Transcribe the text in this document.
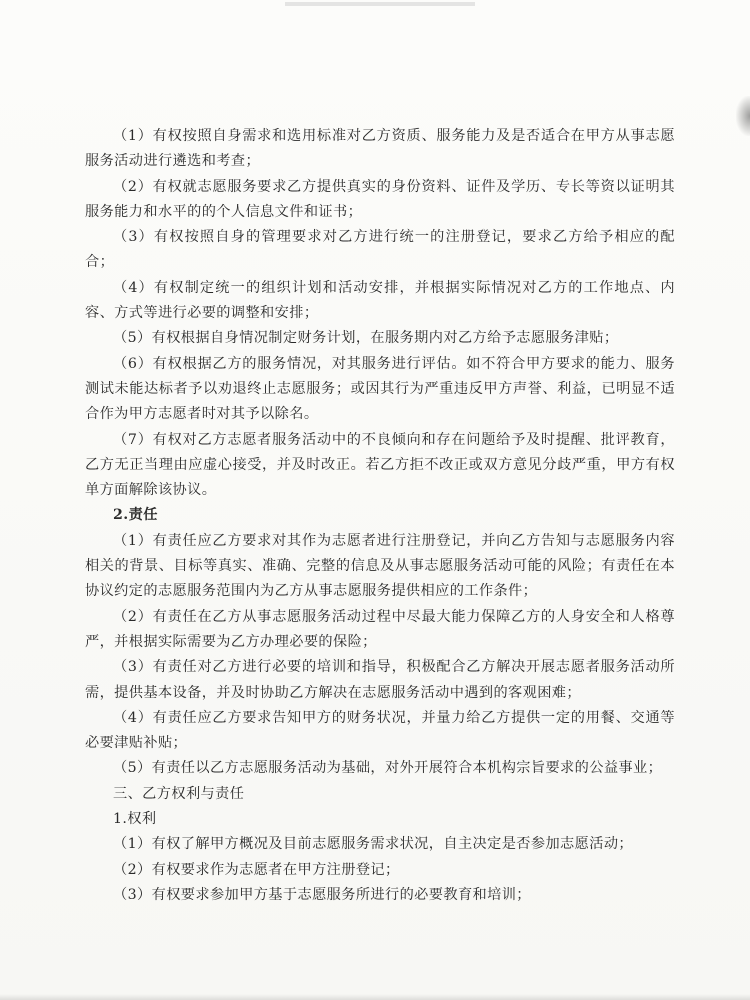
（1）有权按照自身需求和选用标准对乙方资质、服务能力及是否适合在甲方从事志愿服务活动进行遴选和考查；

（2）有权就志愿服务要求乙方提供真实的身份资料、证件及学历、专长等资以证明其服务能力和水平的的个人信息文件和证书；

（3）有权按照自身的管理要求对乙方进行统一的注册登记，要求乙方给予相应的配合；

（4）有权制定统一的组织计划和活动安排，并根据实际情况对乙方的工作地点、内容、方式等进行必要的调整和安排；

（5）有权根据自身情况制定财务计划，在服务期内对乙方给予志愿服务津贴；

（6）有权根据乙方的服务情况，对其服务进行评估。如不符合甲方要求的能力、服务测试未能达标者予以劝退终止志愿服务；或因其行为严重违反甲方声誉、利益，已明显不适合作为甲方志愿者时对其予以除名。

（7）有权对乙方志愿者服务活动中的不良倾向和存在问题给予及时提醒、批评教育，乙方无正当理由应虚心接受，并及时改正。若乙方拒不改正或双方意见分歧严重，甲方有权单方面解除该协议。

2.责任

（1）有责任应乙方要求对其作为志愿者进行注册登记，并向乙方告知与志愿服务内容相关的背景、目标等真实、准确、完整的信息及从事志愿服务活动可能的风险；有责任在本协议约定的志愿服务范围内为乙方从事志愿服务提供相应的工作条件；

（2）有责任在乙方从事志愿服务活动过程中尽最大能力保障乙方的人身安全和人格尊严，并根据实际需要为乙方办理必要的保险；

（3）有责任对乙方进行必要的培训和指导，积极配合乙方解决开展志愿者服务活动所需，提供基本设备，并及时协助乙方解决在志愿服务活动中遇到的客观困难；

（4）有责任应乙方要求告知甲方的财务状况，并量力给乙方提供一定的用餐、交通等必要津贴补贴；

（5）有责任以乙方志愿服务活动为基础，对外开展符合本机构宗旨要求的公益事业；

三、乙方权利与责任

1.权利

（1）有权了解甲方概况及目前志愿服务需求状况，自主决定是否参加志愿活动；

（2）有权要求作为志愿者在甲方注册登记；

（3）有权要求参加甲方基于志愿服务所进行的必要教育和培训；
